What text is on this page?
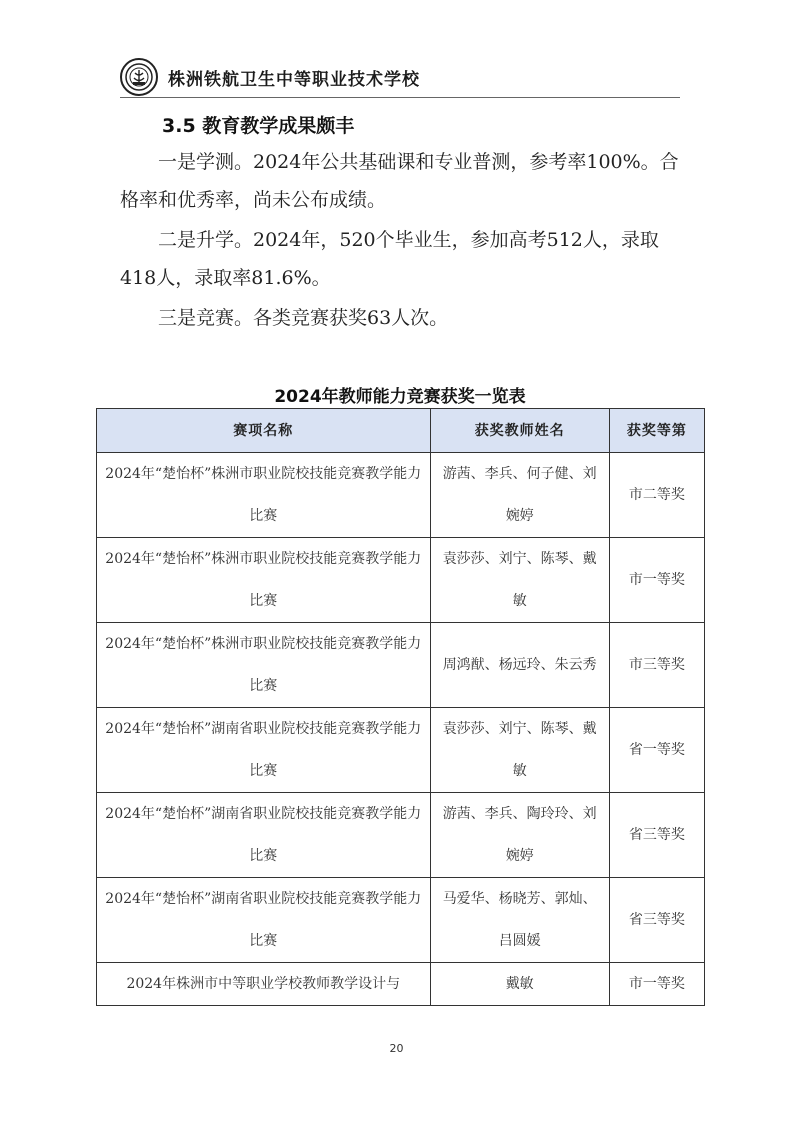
株洲铁航卫生中等职业技术学校
3.5 教育教学成果颇丰

一是学测。2024年公共基础课和专业普测，参考率100%。合格率和优秀率，尚未公布成绩。

二是升学。2024年，520个毕业生，参加高考512人，录取418人，录取率81.6%。

三是竞赛。各类竞赛获奖63人次。

2024年教师能力竞赛获奖一览表
赛项名称	获奖教师姓名	获奖等第

2024年“楚怡杯”株洲市职业院校技能竞赛教学能力比赛	游茜、李兵、何子健、刘婉婷	市二等奖

2024年“楚怡杯”株洲市职业院校技能竞赛教学能力比赛	袁莎莎、刘宁、陈琴、戴敏	市一等奖

2024年“楚怡杯”株洲市职业院校技能竞赛教学能力比赛	周鸿猷、杨远玲、朱云秀	市三等奖

2024年“楚怡杯”湖南省职业院校技能竞赛教学能力比赛	袁莎莎、刘宁、陈琴、戴敏	省一等奖

2024年“楚怡杯”湖南省职业院校技能竞赛教学能力比赛	游茜、李兵、陶玲玲、刘婉婷	省三等奖

2024年“楚怡杯”湖南省职业院校技能竞赛教学能力比赛	马爱华、杨晓芳、郭灿、吕圆媛	省三等奖

2024年株洲市中等职业学校教师教学设计与	戴敏	市一等奖
20
